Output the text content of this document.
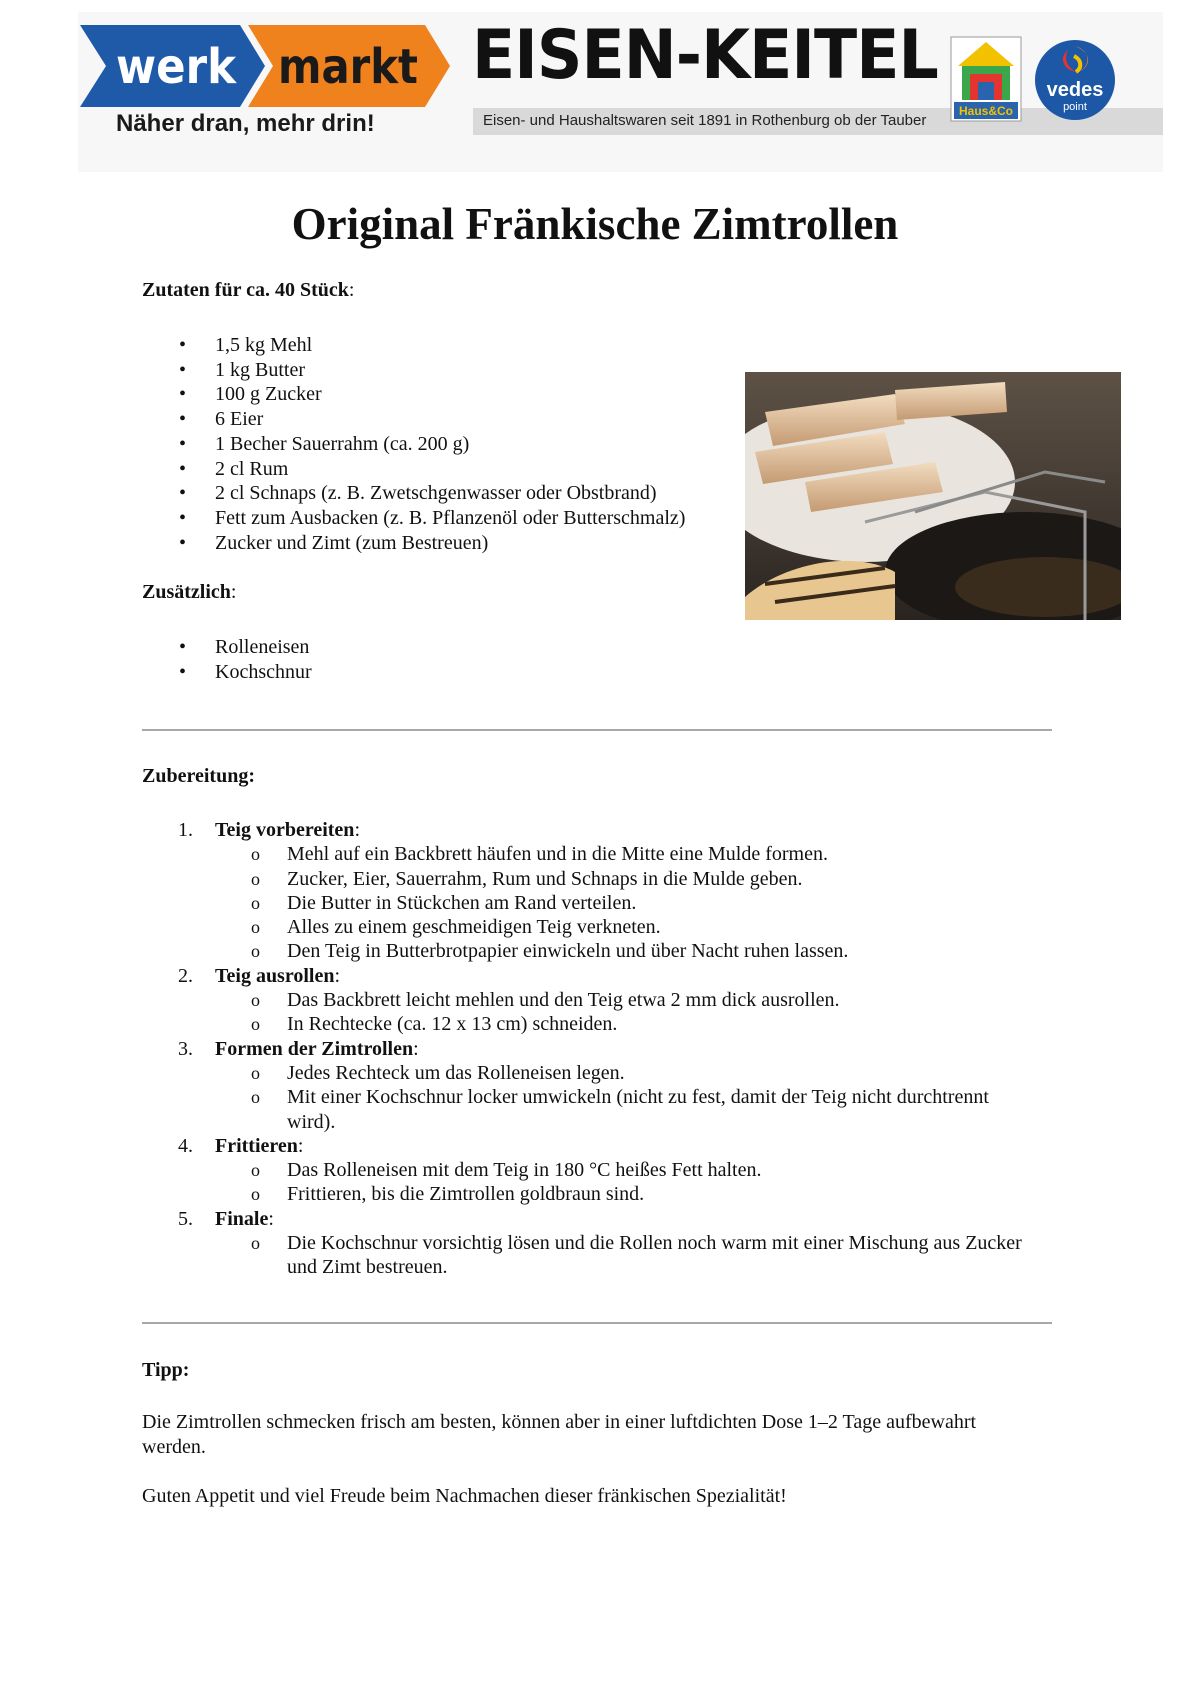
werk markt
Näher dran, mehr drin!
EISEN-KEITEL
Eisen- und Haushaltswaren seit 1891 in Rothenburg ob der Tauber
Haus&Co
vedes
point
Original Fränkische Zimtrollen

Zutaten für ca. 40 Stück:

• 1,5 kg Mehl
• 1 kg Butter
• 100 g Zucker
• 6 Eier
• 1 Becher Sauerrahm (ca. 200 g)
• 2 cl Rum
• 2 cl Schnaps (z. B. Zwetschgenwasser oder Obstbrand)
• Fett zum Ausbacken (z. B. Pflanzenöl oder Butterschmalz)
• Zucker und Zimt (zum Bestreuen)

Zusätzlich:

• Rolleneisen
• Kochschnur

Zubereitung:

1. Teig vorbereiten:
o Mehl auf ein Backbrett häufen und in die Mitte eine Mulde formen.
o Zucker, Eier, Sauerrahm, Rum und Schnaps in die Mulde geben.
o Die Butter in Stückchen am Rand verteilen.
o Alles zu einem geschmeidigen Teig verkneten.
o Den Teig in Butterbrotpapier einwickeln und über Nacht ruhen lassen.
2. Teig ausrollen:
o Das Backbrett leicht mehlen und den Teig etwa 2 mm dick ausrollen.
o In Rechtecke (ca. 12 x 13 cm) schneiden.
3. Formen der Zimtrollen:
o Jedes Rechteck um das Rolleneisen legen.
o Mit einer Kochschnur locker umwickeln (nicht zu fest, damit der Teig nicht durchtrennt wird).
4. Frittieren:
o Das Rolleneisen mit dem Teig in 180 °C heißes Fett halten.
o Frittieren, bis die Zimtrollen goldbraun sind.
5. Finale:
o Die Kochschnur vorsichtig lösen und die Rollen noch warm mit einer Mischung aus Zucker und Zimt bestreuen.

Tipp:

Die Zimtrollen schmecken frisch am besten, können aber in einer luftdichten Dose 1–2 Tage aufbewahrt werden.

Guten Appetit und viel Freude beim Nachmachen dieser fränkischen Spezialität!
